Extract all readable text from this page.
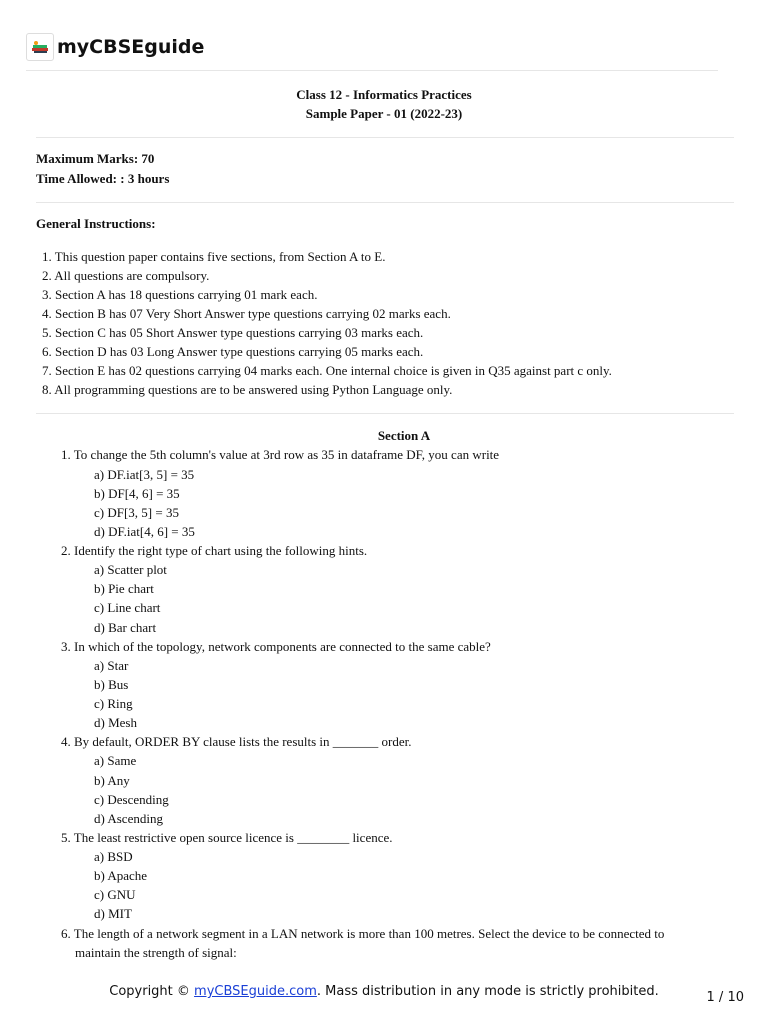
myCBSEguide
Class 12 - Informatics Practices
Sample Paper - 01 (2022-23)
Maximum Marks: 70
Time Allowed: : 3 hours
General Instructions:
1. This question paper contains five sections, from Section A to E.
2. All questions are compulsory.
3. Section A has 18 questions carrying 01 mark each.
4. Section B has 07 Very Short Answer type questions carrying 02 marks each.
5. Section C has 05 Short Answer type questions carrying 03 marks each.
6. Section D has 03 Long Answer type questions carrying 05 marks each.
7. Section E has 02 questions carrying 04 marks each. One internal choice is given in Q35 against part c only.
8. All programming questions are to be answered using Python Language only.
Section A
1. To change the 5th column's value at 3rd row as 35 in dataframe DF, you can write
a) DF.iat[3, 5] = 35
b) DF[4, 6] = 35
c) DF[3, 5] = 35
d) DF.iat[4, 6] = 35
2. Identify the right type of chart using the following hints.
a) Scatter plot
b) Pie chart
c) Line chart
d) Bar chart
3. In which of the topology, network components are connected to the same cable?
a) Star
b) Bus
c) Ring
d) Mesh
4. By default, ORDER BY clause lists the results in _______ order.
a) Same
b) Any
c) Descending
d) Ascending
5. The least restrictive open source licence is ________ licence.
a) BSD
b) Apache
c) GNU
d) MIT
6. The length of a network segment in a LAN network is more than 100 metres. Select the device to be connected to
maintain the strength of signal:
Copyright © myCBSEguide.com. Mass distribution in any mode is strictly prohibited.	1 / 10
